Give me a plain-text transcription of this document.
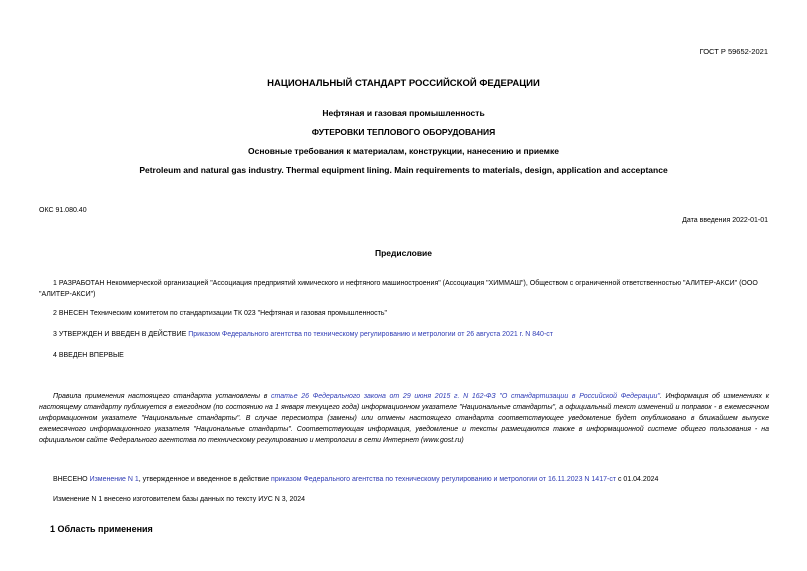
ГОСТ Р 59652-2021
НАЦИОНАЛЬНЫЙ СТАНДАРТ РОССИЙСКОЙ ФЕДЕРАЦИИ
Нефтяная и газовая промышленность
ФУТЕРОВКИ ТЕПЛОВОГО ОБОРУДОВАНИЯ
Основные требования к материалам, конструкции, нанесению и приемке
Petroleum and natural gas industry. Thermal equipment lining. Main requirements to materials, design, application and acceptance
ОКС 91.080.40
Дата введения 2022-01-01
Предисловие
1 РАЗРАБОТАН Некоммерческой организацией "Ассоциация предприятий химического и нефтяного машиностроения" (Ассоциация "ХИММАШ"), Обществом с ограниченной ответственностью "АЛИТЕР-АКСИ" (ООО "АЛИТЕР-АКСИ")
2 ВНЕСЕН Техническим комитетом по стандартизации ТК 023 "Нефтяная и газовая промышленность"
3 УТВЕРЖДЕН И ВВЕДЕН В ДЕЙСТВИЕ Приказом Федерального агентства по техническому регулированию и метрологии от 26 августа 2021 г. N 840-ст
4 ВВЕДЕН ВПЕРВЫЕ
Правила применения настоящего стандарта установлены в статье 26 Федерального закона от 29 июня 2015 г. N 162-ФЗ "О стандартизации в Российской Федерации". Информация об изменениях к настоящему стандарту публикуется в ежегодном (по состоянию на 1 января текущего года) информационном указателе "Национальные стандарты", а официальный текст изменений и поправок - в ежемесячном информационном указателе "Национальные стандарты". В случае пересмотра (замены) или отмены настоящего стандарта соответствующее уведомление будет опубликовано в ближайшем выпуске ежемесячного информационного указателя "Национальные стандарты". Соответствующая информация, уведомление и тексты размещаются также в информационной системе общего пользования - на официальном сайте Федерального агентства по техническому регулированию и метрологии в сети Интернет (www.gost.ru)
ВНЕСЕНО Изменение N 1, утвержденное и введенное в действие приказом Федерального агентства по техническому регулированию и метрологии от 16.11.2023 N 1417-ст с 01.04.2024
Изменение N 1 внесено изготовителем базы данных по тексту ИУС N 3, 2024
1 Область применения
